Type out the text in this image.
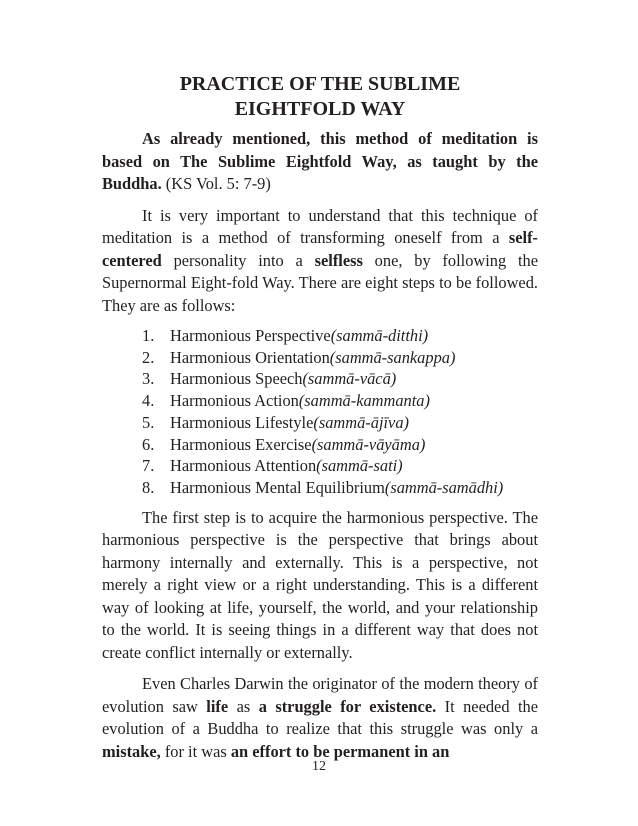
PRACTICE OF THE SUBLIME
EIGHTFOLD WAY

As already mentioned, this method of meditation is based on The Sublime Eightfold Way, as taught by the Buddha. (KS Vol. 5: 7-9)

It is very important to understand that this technique of meditation is a method of transforming oneself from a self-centered personality into a selfless one, by following the Supernormal Eight-fold Way. There are eight steps to be followed. They are as follows:

1. Harmonious Perspective (sammā-ditthi)
2. Harmonious Orientation (sammā-sankappa)
3. Harmonious Speech (sammā-vācā)
4. Harmonious Action (sammā-kammanta)
5. Harmonious Lifestyle (sammā-ājīva)
6. Harmonious Exercise (sammā-vāyāma)
7. Harmonious Attention (sammā-sati)
8. Harmonious Mental Equilibrium (sammā-samādhi)

The first step is to acquire the harmonious perspective. The harmonious perspective is the perspective that brings about harmony internally and externally. This is a perspective, not merely a right view or a right understanding. This is a different way of looking at life, yourself, the world, and your relationship to the world. It is seeing things in a different way that does not create conflict internally or externally.

Even Charles Darwin the originator of the modern theory of evolution saw life as a struggle for existence. It needed the evolution of a Buddha to realize that this struggle was only a mistake, for it was an effort to be permanent in an

12
